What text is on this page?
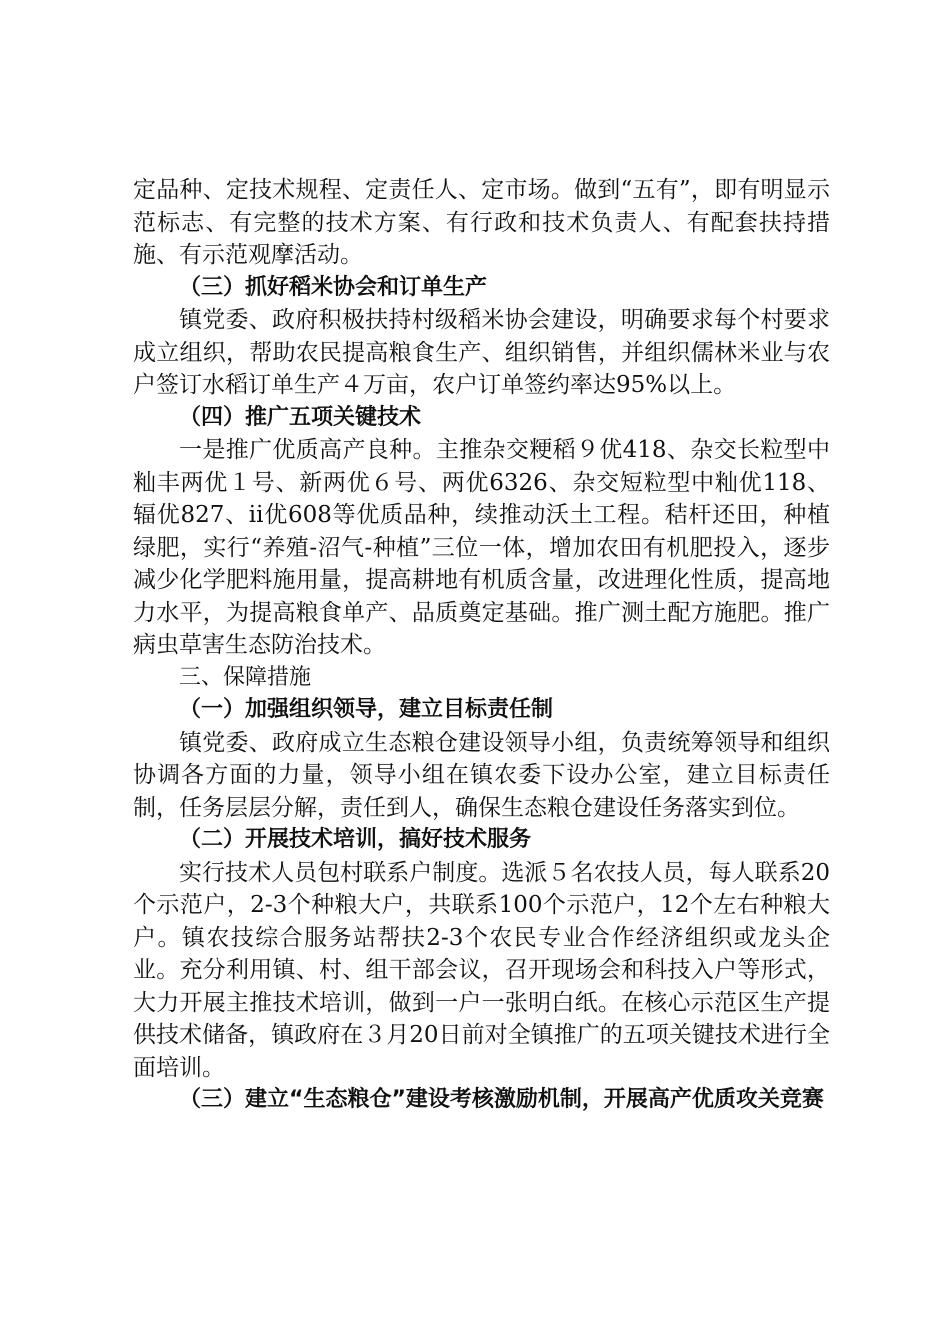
定品种、定技术规程、定责任人、定市场。做到“五有”，即有明显示范标志、有完整的技术方案、有行政和技术负责人、有配套扶持措施、有示范观摩活动。

（三）抓好稻米协会和订单生产

镇党委、政府积极扶持村级稻米协会建设，明确要求每个村要求成立组织，帮助农民提高粮食生产、组织销售，并组织儒林米业与农户签订水稻订单生产４万亩，农户订单签约率达95%以上。

（四）推广五项关键技术

一是推广优质高产良种。主推杂交粳稻９优418、杂交长粒型中籼丰两优１号、新两优６号、两优6326、杂交短粒型中籼优118、辐优827、ii优608等优质品种，续推动沃土工程。秸杆还田，种植绿肥，实行“养殖-沼气-种植”三位一体，增加农田有机肥投入，逐步减少化学肥料施用量，提高耕地有机质含量，改进理化性质，提高地力水平，为提高粮食单产、品质奠定基础。推广测土配方施肥。推广病虫草害生态防治技术。

三、保障措施

（一）加强组织领导，建立目标责任制

镇党委、政府成立生态粮仓建设领导小组，负责统筹领导和组织协调各方面的力量，领导小组在镇农委下设办公室，建立目标责任制，任务层层分解，责任到人，确保生态粮仓建设任务落实到位。

（二）开展技术培训，搞好技术服务

实行技术人员包村联系户制度。选派５名农技人员，每人联系20个示范户，2-3个种粮大户，共联系100个示范户，12个左右种粮大户。镇农技综合服务站帮扶2-3个农民专业合作经济组织或龙头企业。充分利用镇、村、组干部会议，召开现场会和科技入户等形式，大力开展主推技术培训，做到一户一张明白纸。在核心示范区生产提供技术储备，镇政府在３月20日前对全镇推广的五项关键技术进行全面培训。

（三）建立“生态粮仓”建设考核激励机制，开展高产优质攻关竞赛
